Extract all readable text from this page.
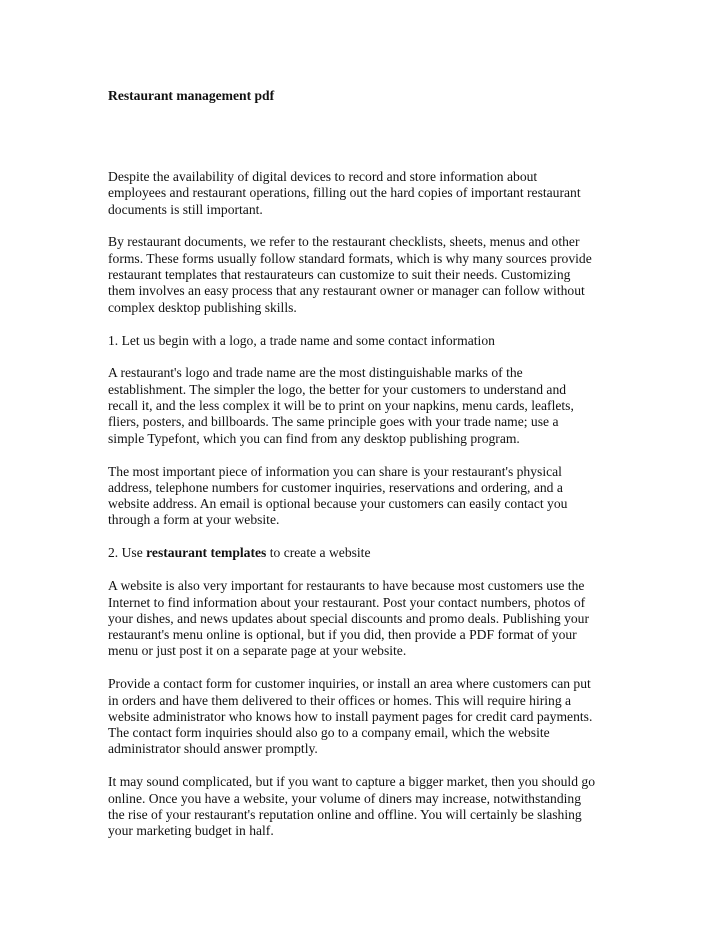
Restaurant management pdf

Despite the availability of digital devices to record and store information about
employees and restaurant operations, filling out the hard copies of important restaurant
documents is still important.

By restaurant documents, we refer to the restaurant checklists, sheets, menus and other
forms. These forms usually follow standard formats, which is why many sources provide
restaurant templates that restaurateurs can customize to suit their needs. Customizing
them involves an easy process that any restaurant owner or manager can follow without
complex desktop publishing skills.

1. Let us begin with a logo, a trade name and some contact information

A restaurant's logo and trade name are the most distinguishable marks of the
establishment. The simpler the logo, the better for your customers to understand and
recall it, and the less complex it will be to print on your napkins, menu cards, leaflets,
fliers, posters, and billboards. The same principle goes with your trade name; use a
simple Typefont, which you can find from any desktop publishing program.

The most important piece of information you can share is your restaurant's physical
address, telephone numbers for customer inquiries, reservations and ordering, and a
website address. An email is optional because your customers can easily contact you
through a form at your website.

2. Use restaurant templates to create a website

A website is also very important for restaurants to have because most customers use the
Internet to find information about your restaurant. Post your contact numbers, photos of
your dishes, and news updates about special discounts and promo deals. Publishing your
restaurant's menu online is optional, but if you did, then provide a PDF format of your
menu or just post it on a separate page at your website.

Provide a contact form for customer inquiries, or install an area where customers can put
in orders and have them delivered to their offices or homes. This will require hiring a
website administrator who knows how to install payment pages for credit card payments.
The contact form inquiries should also go to a company email, which the website
administrator should answer promptly.

It may sound complicated, but if you want to capture a bigger market, then you should go
online. Once you have a website, your volume of diners may increase, notwithstanding
the rise of your restaurant's reputation online and offline. You will certainly be slashing
your marketing budget in half.
